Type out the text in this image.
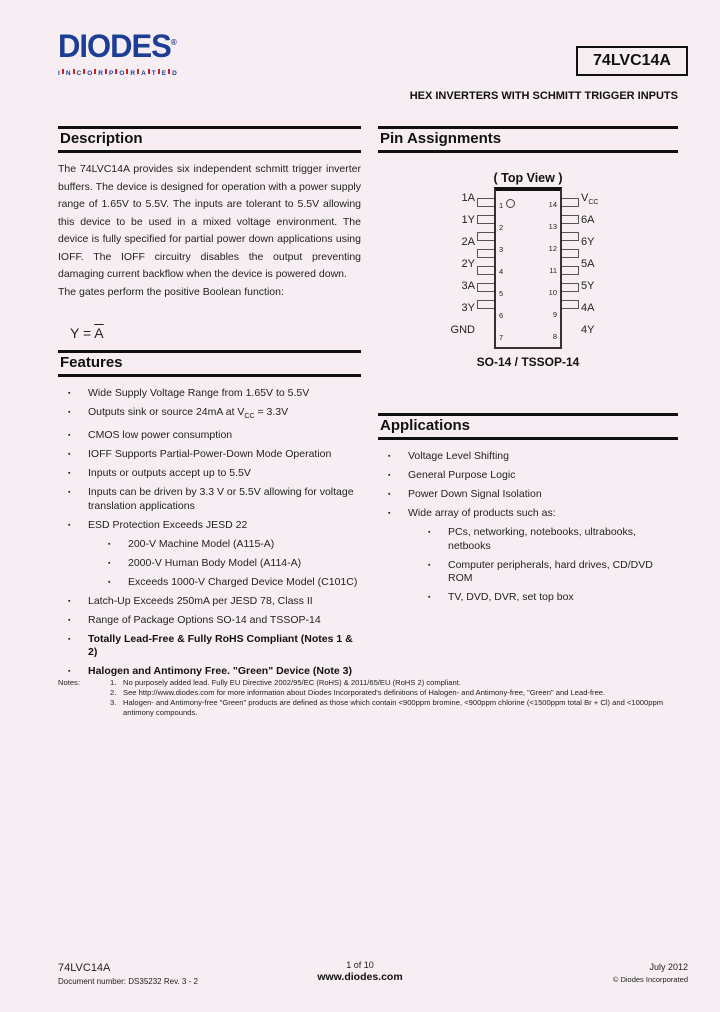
DIODES®
I N C O R P O R A T E D
74LVC14A
HEX INVERTERS WITH SCHMITT TRIGGER INPUTS
Description
The 74LVC14A provides six independent schmitt trigger inverter buffers. The device is designed for operation with a power supply range of 1.65V to 5.5V. The inputs are tolerant to 5.5V allowing this device to be used in a mixed voltage environment. The device is fully specified for partial power down applications using IOFF. The IOFF circuitry disables the output preventing damaging current backflow when the device is powered down.
The gates perform the positive Boolean function:
$Y = \overline{A}$
Features
▪	Wide Supply Voltage Range from 1.65V to 5.5V
▪	Outputs sink or source 24mA at $V_{CC} = 3.3V$
▪	CMOS low power consumption
▪	IOFF Supports Partial-Power-Down Mode Operation
▪	Inputs or outputs accept up to 5.5V
▪	Inputs can be driven by 3.3 V or 5.5V allowing for voltage translation applications
▪	ESD Protection Exceeds JESD 22
▪	200-V Machine Model (A115-A)
▪	2000-V Human Body Model (A114-A)
▪	Exceeds 1000-V Charged Device Model (C101C)
▪	Latch-Up Exceeds 250mA per JESD 78, Class II
▪	Range of Package Options SO-14 and TSSOP-14
▪	Totally Lead-Free & Fully RoHS Compliant (Notes 1 & 2)
▪	Halogen and Antimony Free. "Green" Device (Note 3)
Pin Assignments
( Top View )
1A
1Y
2A
2Y
3A
3Y
GND
1	14
2	13
3	12
4	11
5	10
6	9
7	8
$V_{CC}$
6A
6Y
5A
5Y
4A
4Y
SO-14 / TSSOP-14
Applications
▪	Voltage Level Shifting
▪	General Purpose Logic
▪	Power Down Signal Isolation
▪	Wide array of products such as:
▪	PCs, networking, notebooks, ultrabooks, netbooks
▪	Computer peripherals, hard drives, CD/DVD ROM
▪	TV, DVD, DVR, set top box
Notes:	1. No purposely added lead. Fully EU Directive 2002/95/EC (RoHS) & 2011/65/EU (RoHS 2) compliant.
2. See http://www.diodes.com for more information about Diodes Incorporated's definitions of Halogen- and Antimony-free, "Green" and Lead-free.
3. Halogen- and Antimony-free "Green" products are defined as those which contain <900ppm bromine, <900ppm chlorine (<1500ppm total Br + Cl) and <1000ppm antimony compounds.
74LVC14A
Document number: DS35232 Rev. 3 - 2
1 of 10
www.diodes.com
July 2012
© Diodes Incorporated
